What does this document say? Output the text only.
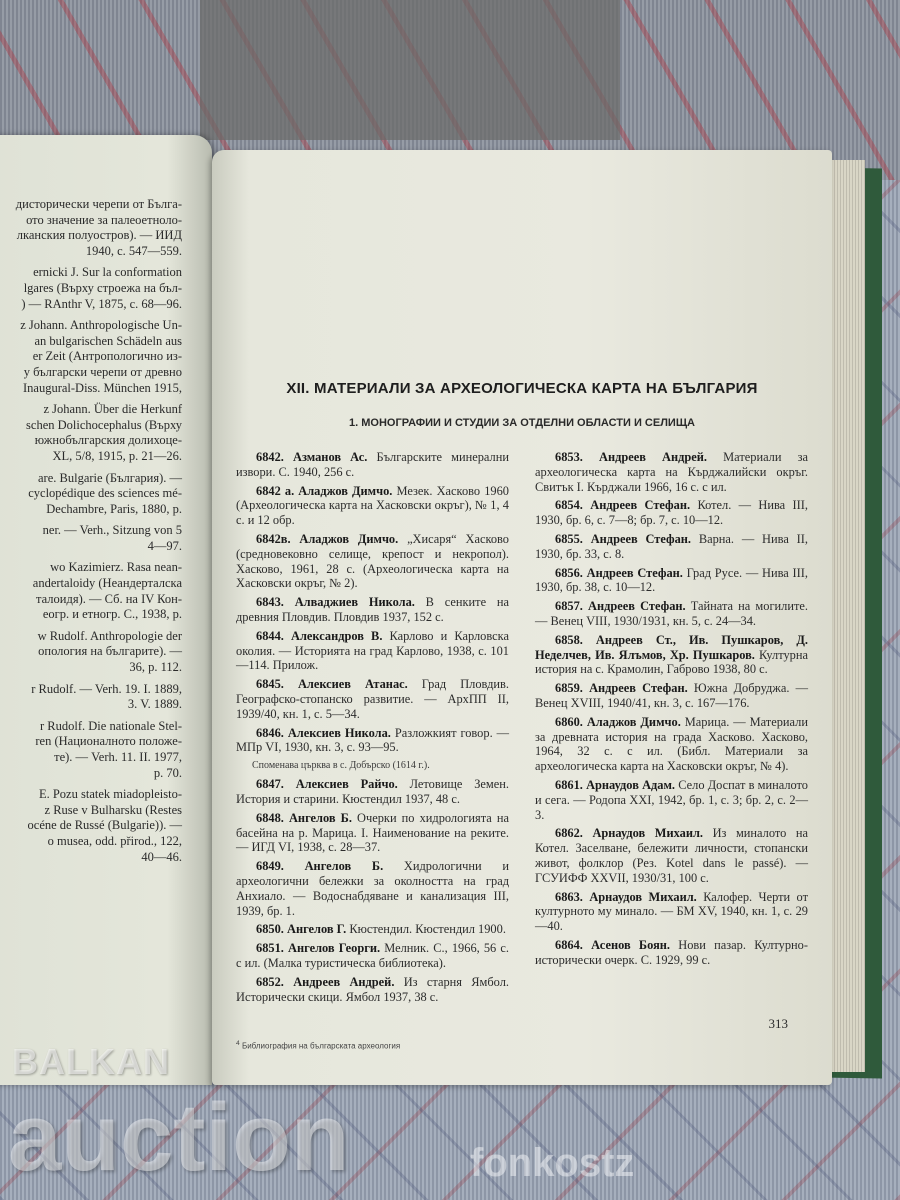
дисторически черепи от Бълга-
ото значение за палеоетноло-
лканския полуостров). — ИИД
1940, с. 547—559.
ernicki J. Sur la conformation
lgares (Върху строежа на бъл-
) — RAnthr V, 1875, с. 68—96.
z Johann. Anthropologische Un-
an bulgarischen Schädeln aus
er Zeit (Антропологично из-
у български черепи от древно
Inaugural-Diss. München 1915,
z Johann. Über die Herkunf
schen Dolichocephalus (Върху
южнобългарския долихоце-
XL, 5/8, 1915, p. 21—26.
are. Bulgarie (България). —
cyclopédique des sciences mé-
Dechambre, Paris, 1880, p.
ner. — Verh., Sitzung von 5
4—97.
wo Kazimierz. Rasa nean-
andertaloidy (Неандерталска
талоидя). — Сб. на IV Кон-
еогр. и етногр. С., 1938, p.
w Rudolf. Anthropologie der
опология на българите). —
36, p. 112.
r Rudolf. — Verh. 19. I. 1889,
3. V. 1889.
r Rudolf. Die nationale Stel-
ren (Националното положе-
те). — Verh. 11. II. 1977,
p. 70.
E. Pozu statek miadopleisto-
z Ruse v Bulharsku (Restes
océne de Russé (Bulgarie)). —
o musea, odd. přirod., 122,
40—46.
XII. МАТЕРИАЛИ ЗА АРХЕОЛОГИЧЕСКА КАРТА НА БЪЛГАРИЯ
1. МОНОГРАФИИ И СТУДИИ ЗА ОТДЕЛНИ ОБЛАСТИ И СЕЛИЩА
6842. Азманов Ас. Българските минерални извори. С. 1940, 256 с.
6842 а. Аладжов Димчо. Мезек. Хасково 1960 (Археологическа карта на Хасковски окръг), № 1, 4 с. и 12 обр.
6842в. Аладжов Димчо. „Хисаря“ Хасково (средновековно селище, крепост и некропол). Хасково, 1961, 28 с. (Археологическа карта на Хасковски окръг, № 2).
6843. Алваджиев Никола. В сенките на древния Пловдив. Пловдив 1937, 152 с.
6844. Александров В. Карлово и Карловска околия. — Историята на град Карлово, 1938, с. 101—114. Прилож.
6845. Алексиев Атанас. Град Пловдив. Географско-стопанско развитие. — АрхПП II, 1939/40, кн. 1, с. 5—34.
6846. Алексиев Никола. Разложкият говор. — МПр VI, 1930, кн. 3, с. 93—95.
Споменава църква в с. Добърско (1614 г.).
6847. Алексиев Райчо. Летовище Земен. История и старини. Кюстендил 1937, 48 с.
6848. Ангелов Б. Очерки по хидрологията на басейна на р. Марица. I. Наименование на реките. — ИГД VI, 1938, с. 28—37.
6849. Ангелов Б. Хидрологични и археологични бележки за околността на град Анхиало. — Водоснабдяване и канализация III, 1939, бр. 1.
6850. Ангелов Г. Кюстендил. Кюстендил 1900.
6851. Ангелов Георги. Мелник. С., 1966, 56 с. с ил. (Малка туристическа библиотека).
6852. Андреев Андрей. Из старня Ямбол. Исторически скици. Ямбол 1937, 38 с.
6853. Андреев Андрей. Материали за археологическа карта на Кърджалийски окръг. Свитък I. Кърджали 1966, 16 с. с ил.
6854. Андреев Стефан. Котел. — Нива III, 1930, бр. 6, с. 7—8; бр. 7, с. 10—12.
6855. Андреев Стефан. Варна. — Нива II, 1930, бр. 33, с. 8.
6856. Андреев Стефан. Град Русе. — Нива III, 1930, бр. 38, с. 10—12.
6857. Андреев Стефан. Тайната на могилите. — Венец VIII, 1930/1931, кн. 5, с. 24—34.
6858. Андреев Ст., Ив. Пушкаров, Д. Неделчев, Ив. Ялъмов, Хр. Пушкаров. Културна история на с. Крамолин, Габрово 1938, 80 с.
6859. Андреев Стефан. Южна Добруджа. — Венец XVIII, 1940/41, кн. 3, с. 167—176.
6860. Аладжов Димчо. Марица. — Материали за древната история на града Хасково. Хасково, 1964, 32 с. с ил. (Библ. Материали за археологическа карта на Хасковски окръг, № 4).
6861. Арнаудов Адам. Село Доспат в миналото и сега. — Родопа XXI, 1942, бр. 1, с. 3; бр. 2, с. 2—3.
6862. Арнаудов Михаил. Из миналото на Котел. Заселване, бележити личности, стопански живот, фолклор (Рез. Kotel dans le passé). — ГСУИФФ XXVII, 1930/31, 100 с.
6863. Арнаудов Михаил. Калофер. Черти от културното му минало. — БМ XV, 1940, кн. 1, с. 29—40.
6864. Асенов Боян. Нови пазар. Културно-исторически очерк. С. 1929, 99 с.
313
$^4$ Библиография на българската археология
BALKAN
auction	fonkostz
